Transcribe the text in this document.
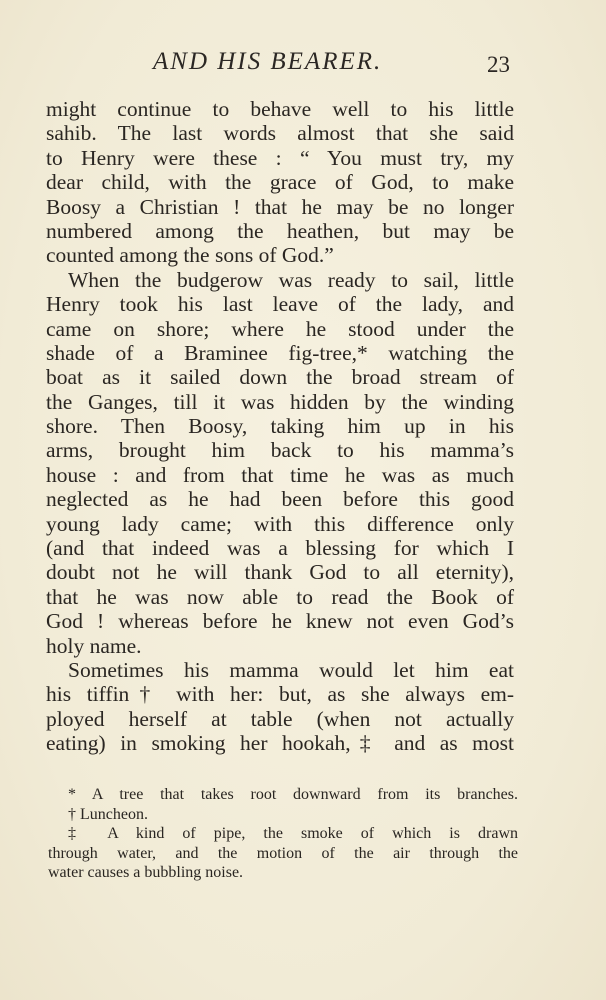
AND HIS BEARER.	23
might continue to behave well to his little
sahib. The last words almost that she said
to Henry were these : “ You must try, my
dear child, with the grace of God, to make
Boosy a Christian ! that he may be no longer
numbered among the heathen, but may be
counted among the sons of God.”
When the budgerow was ready to sail, little
Henry took his last leave of the lady, and
came on shore; where he stood under the
shade of a Braminee fig-tree,* watching the
boat as it sailed down the broad stream of
the Ganges, till it was hidden by the winding
shore. Then Boosy, taking him up in his
arms, brought him back to his mamma’s
house : and from that time he was as much
neglected as he had been before this good
young lady came; with this difference only
(and that indeed was a blessing for which I
doubt not he will thank God to all eternity),
that he was now able to read the Book of
God ! whereas before he knew not even God’s
holy name.
Sometimes his mamma would let him eat
his tiffin† with her: but, as she always em-
ployed herself at table (when not actually
eating) in smoking her hookah,‡ and as most
* A tree that takes root downward from its branches.
† Luncheon.
‡ A kind of pipe, the smoke of which is drawn
through water, and the motion of the air through the
water causes a bubbling noise.
